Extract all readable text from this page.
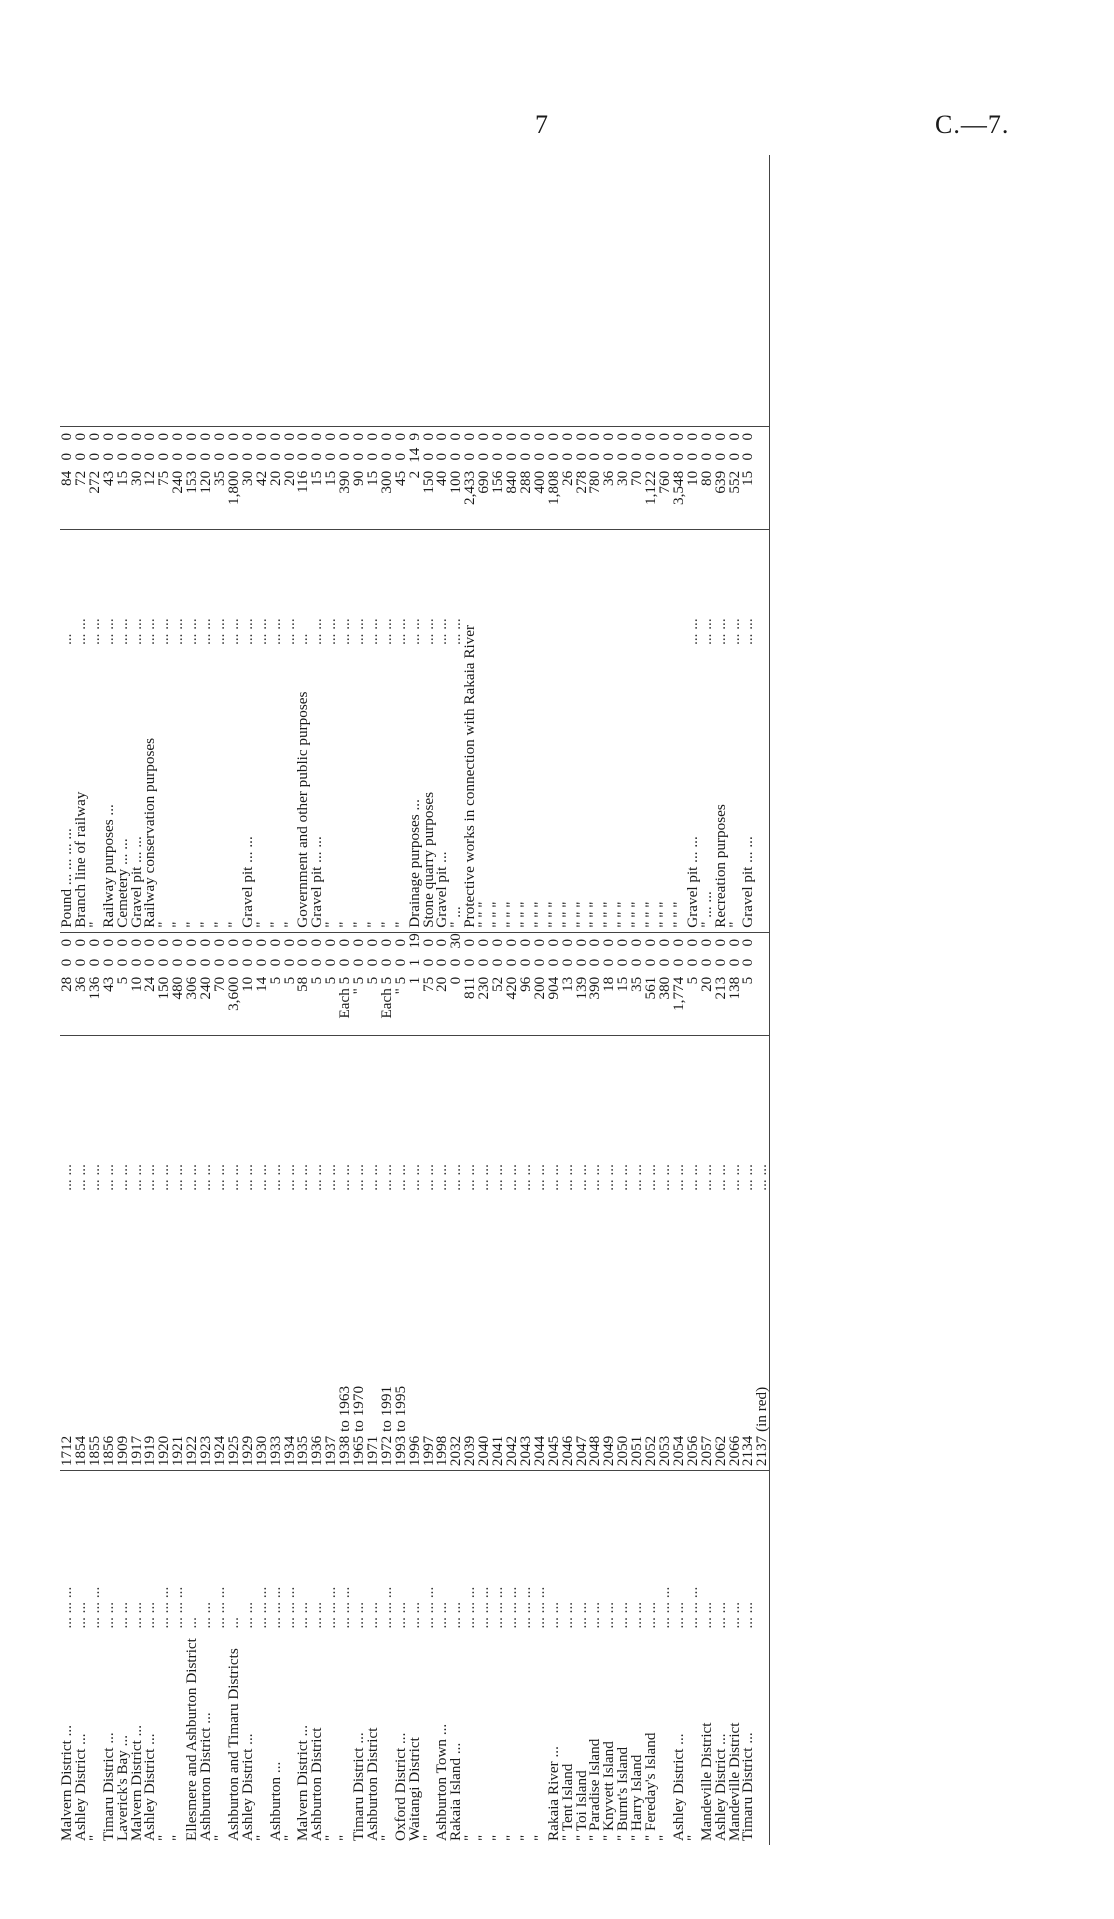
7	C.—7.
Malvern District ...	... ... ...	1712	... ...	28	0	0	Pound ... ... ... ...	...	84	0	0	
Ashley District ...	... ...	1854	... ...	36	0	0	Branch line of railway	... ...	72	0	0	
"	... ... ...	1855	... ...	136	0	0	"	... ...	272	0	0	
Timaru District ...	... ...	1856	... ...	43	0	0	Railway purposes ...	... ...	43	0	0	
Laverick's Bay ...	... ...	1909	... ...	5	0	0	Cemetery ... ...	... ...	15	0	0	
Malvern District ...	... ...	1917	... ...	10	0	0	Gravel pit ... ...	... ...	30	0	0	
Ashley District ...	... ...	1919	... ...	24	0	0	Railway conservation purposes	... ...	12	0	0	
"	... ... ...	1920	... ...	150	0	0	"	... ...	75	0	0	
"	... ... ...	1921	... ...	480	0	0	"	... ...	240	0	0	
Ellesmere and Ashburton District	...	1922	... ...	306	0	0	"	... ...	153	0	0	
Ashburton District ...	... ...	1923	... ...	240	0	0	"	... ...	120	0	0	
"	... ... ...	1924	... ...	70	0	0	"	... ...	35	0	0	
Ashburton and Timaru Districts	...	1925	... ...	3,600	0	0	"	... ...	1,800	0	0	
Ashley District ...	... ...	1929	... ...	10	0	0	Gravel pit ... ...	... ...	30	0	0	
"	... ... ...	1930	... ...	14	0	0	"	... ...	42	0	0	
Ashburton ...	... ... ...	1933	... ...	5	0	0	"	... ...	20	0	0	
"	... ... ...	1934	... ...	5	0	0	"	... ...	20	0	0	
Malvern District ...	... ...	1935	... ...	58	0	0	Government and other public purposes	...	116	0	0	
Ashburton District	... ...	1936	... ...	5	0	0	Gravel pit ... ...	... ...	15	0	0	
"	... ... ...	1937	... ...	5	0	0	"	... ...	15	0	0	
"	... ... ...	1938 to 1963	... ...	Each 5	0	0	"	... ...	390	0	0	
Timaru District ...	... ...	1965 to 1970	... ...	" 5	0	0	"	... ...	90	0	0	
Ashburton District	... ...	1971	... ...	5	0	0	"	... ...	15	0	0	
"	... ... ...	1972 to 1991	... ...	Each 5	0	0	"	... ...	300	0	0	
Oxford District ...	... ...	1993 to 1995	... ...	" 5	0	0	"	... ...	45	0	0	
Waitangi District	... ...	1996	... ...	1	1	19	Drainage purposes ...	... ...	2	14	9	
"	... ... ...	1997	... ...	75	0	0	Stone quarry purposes	... ...	150	0	0	
Ashburton Town ...	... ...	1998	... ...	20	0	0	Gravel pit ...	... ...	40	0	0	
Rakaia Island ...	... ...	2032	... ...	0	0	30	" ...	... ...	100	0	0	
"	... ... ...	2039	... ...	811	0	0	Protective works in connection with Rakaia River		2,433	0	0	
"	... ... ...	2040	... ...	230	0	0	" " "		690	0	0	
"	... ... ...	2041	... ...	52	0	0	" " "		156	0	0	
"	... ... ...	2042	... ...	420	0	0	" " "		840	0	0	
"	... ... ...	2043	... ...	96	0	0	" " "		288	0	0	
"	... ... ...	2044	... ...	200	0	0	" " "		400	0	0	
Rakaia River ...	... ...	2045	... ...	904	0	0	" " "		1,808	0	0	
" Tent Island	... ...	2046	... ...	13	0	0	" " "		26	0	0	
" Toi Island	... ...	2047	... ...	139	0	0	" " "		278	0	0	
" Paradise Island	... ...	2048	... ...	390	0	0	" " "		780	0	0	
" Knyvett Island	... ...	2049	... ...	18	0	0	" " "		36	0	0	
" Burnt's Island	... ...	2050	... ...	15	0	0	" " "		30	0	0	
" Harry Island	... ...	2051	... ...	35	0	0	" " "		70	0	0	
" Fereday's Island	... ...	2052	... ...	561	0	0	" " "		1,122	0	0	
"	... ... ...	2053	... ...	380	0	0	" " "		760	0	0	
Ashley District ...	... ...	2054	... ...	1,774	0	0	" " "		3,548	0	0	
"	... ... ...	2056	... ...	5	0	0	Gravel pit ... ...	... ...	10	0	0	
Mandeville District	... ...	2057	... ...	20	0	0	" ... ...	... ...	80	0	0	
Ashley District ...	... ...	2062	... ...	213	0	0	Recreation purposes	... ...	639	0	0	
Mandeville District	... ...	2066	... ...	138	0	0	"	... ...	552	0	0	
Timaru District ...	... ...	2134	... ...	5	0	0	Gravel pit ... ...	... ...	15	0	0	
		2137 (in red)	... ...									
